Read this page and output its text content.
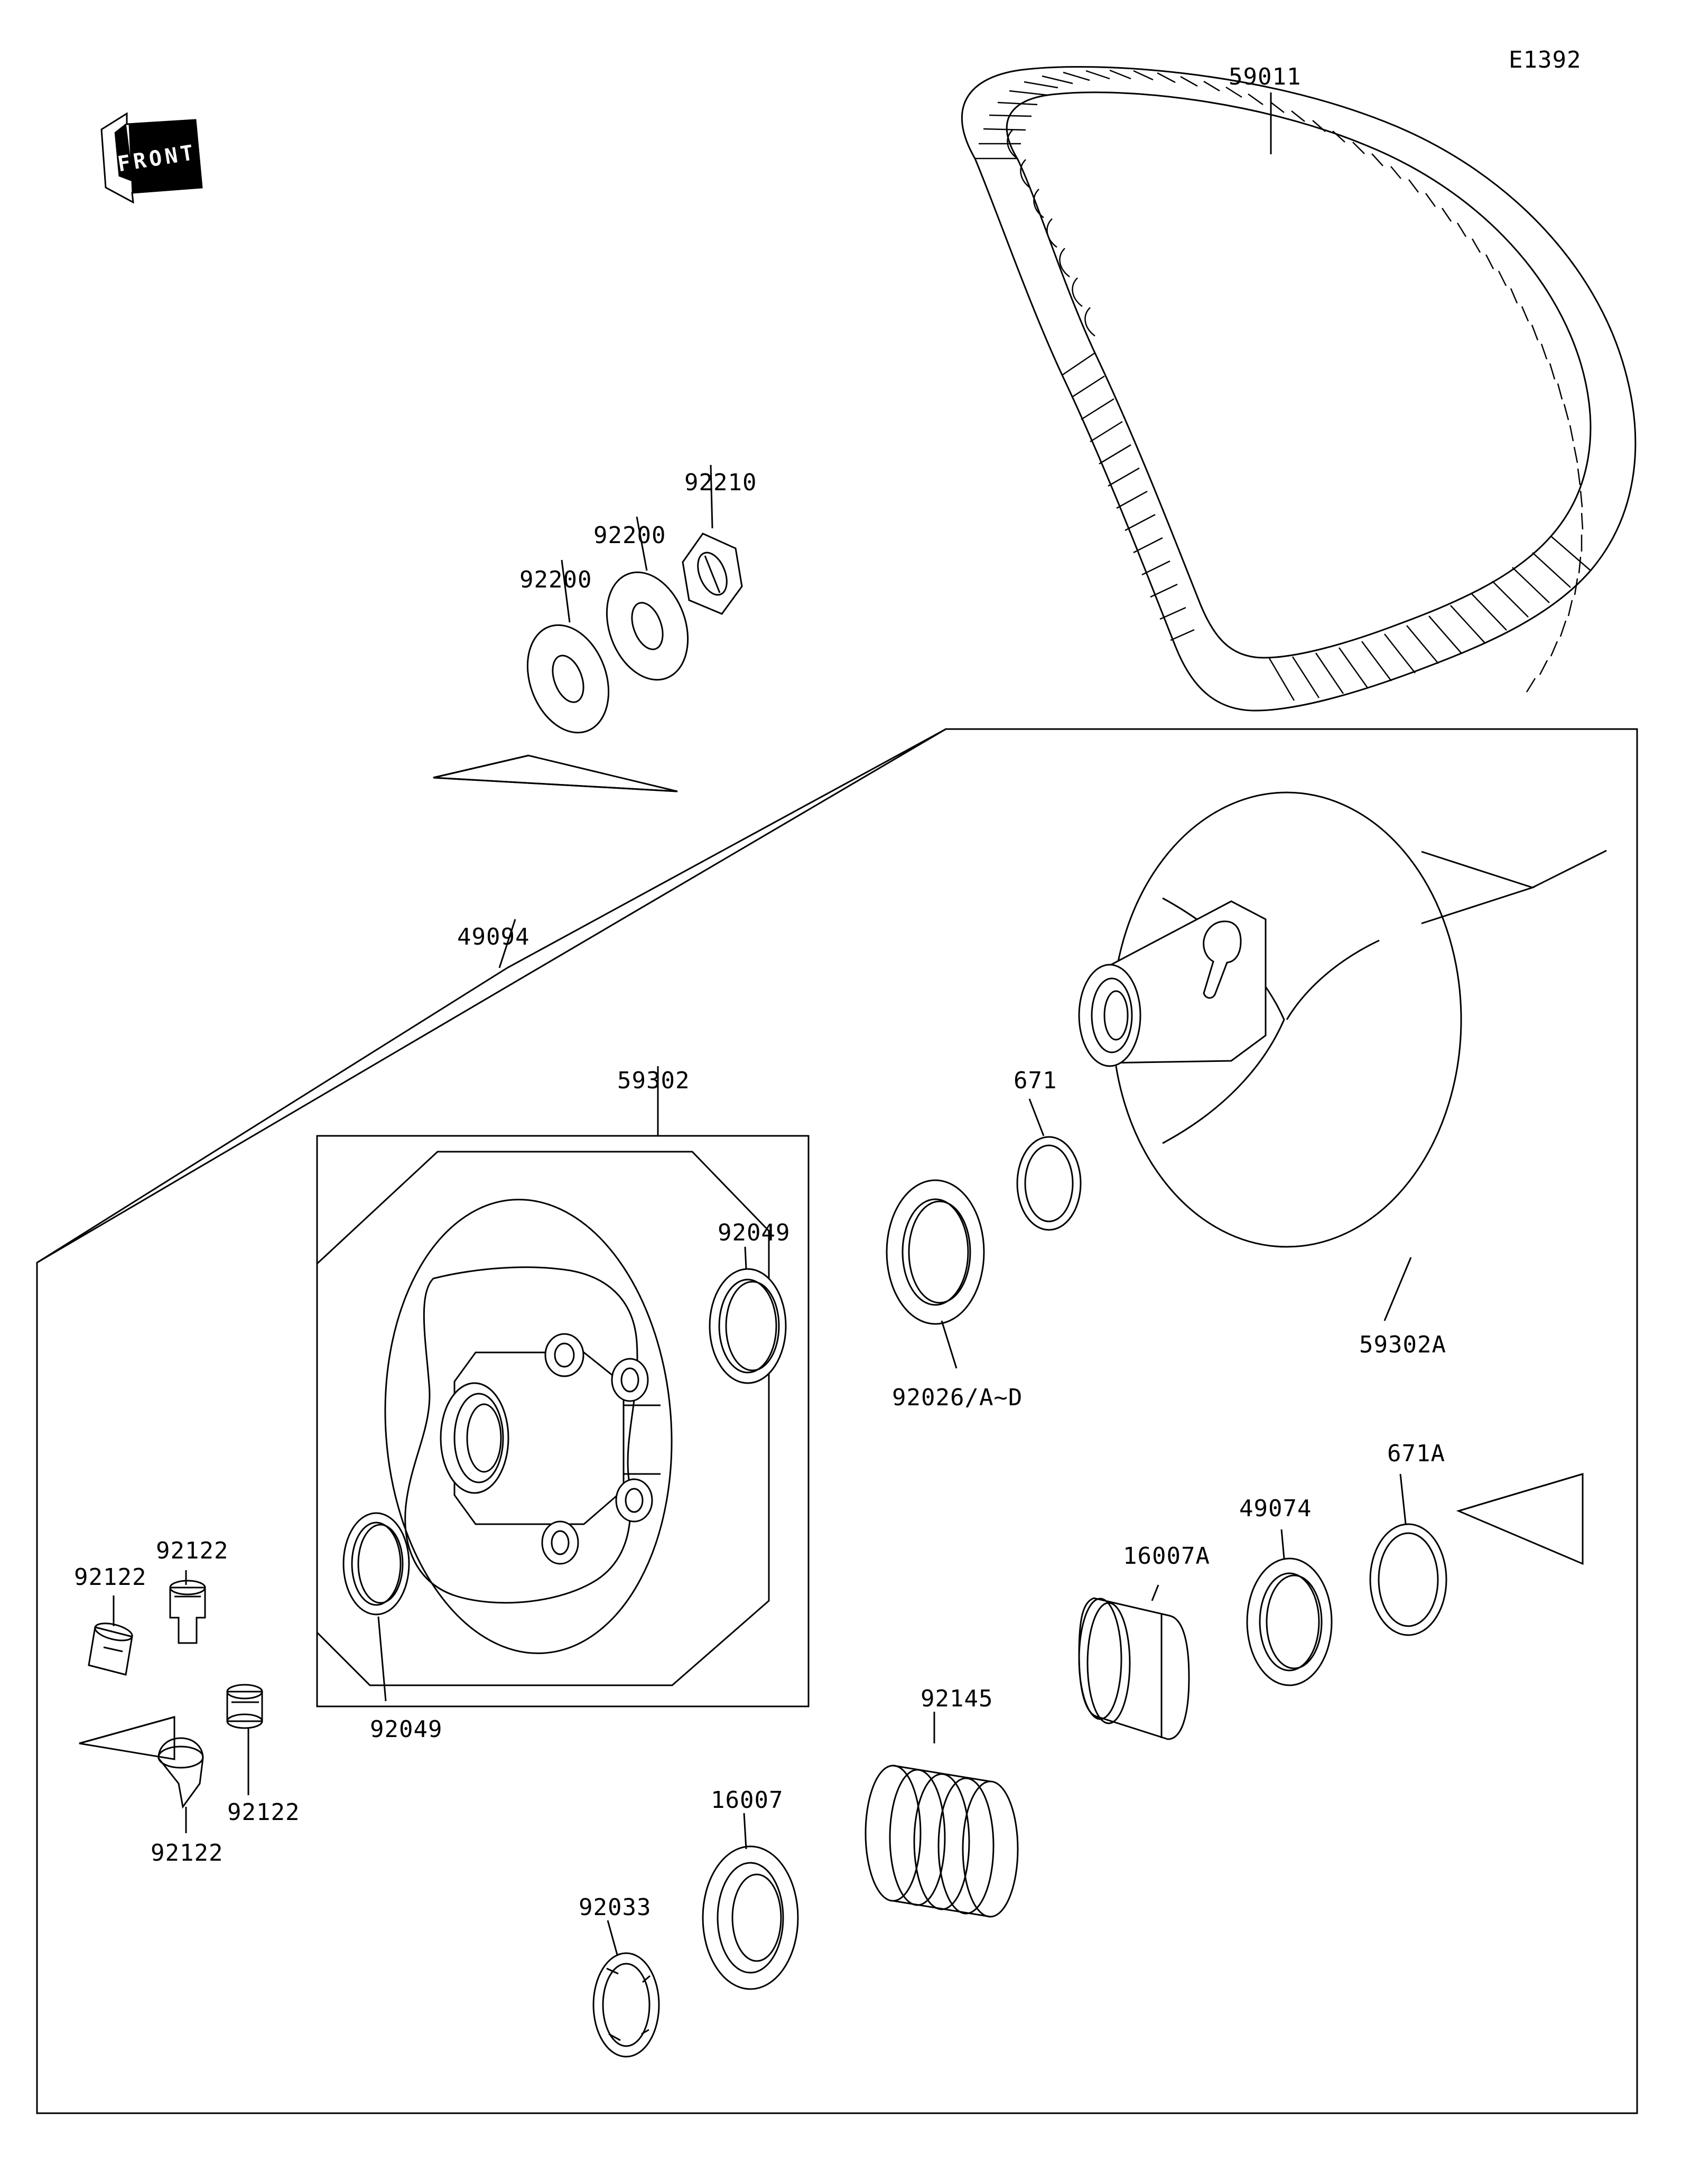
FRONT
E1392
59011
92210
92200
92200
49094
59302	671
92049
92026/A~D
59302A
671A
49074
16007A
92122
92122
92145
92049
92122
92122
16007
92033
